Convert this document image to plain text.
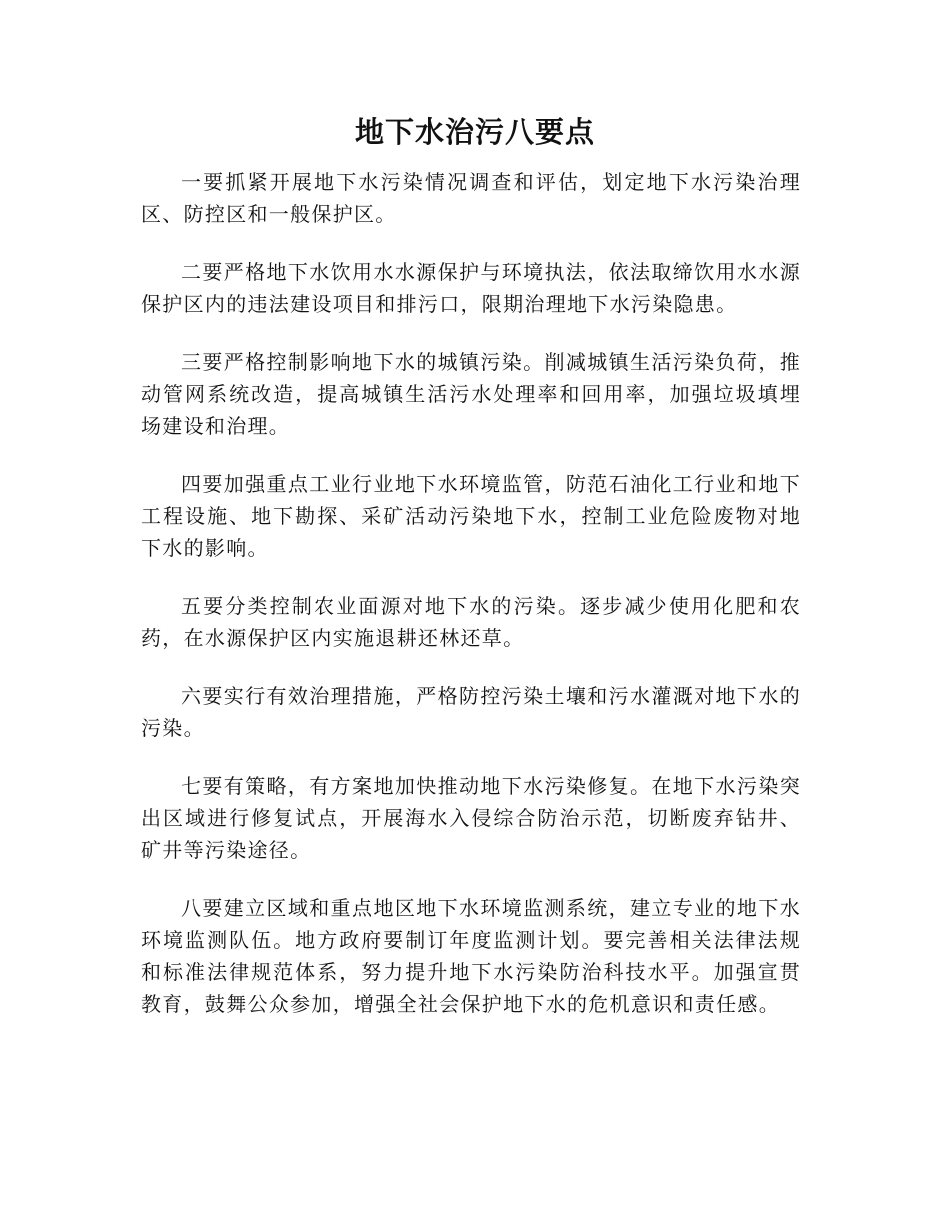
地下水治污八要点

一要抓紧开展地下水污染情况调查和评估，划定地下水污染治理区、防控区和一般保护区。

二要严格地下水饮用水水源保护与环境执法，依法取缔饮用水水源保护区内的违法建设项目和排污口，限期治理地下水污染隐患。

三要严格控制影响地下水的城镇污染。削减城镇生活污染负荷，推动管网系统改造，提高城镇生活污水处理率和回用率，加强垃圾填埋场建设和治理。

四要加强重点工业行业地下水环境监管，防范石油化工行业和地下工程设施、地下勘探、采矿活动污染地下水，控制工业危险废物对地下水的影响。

五要分类控制农业面源对地下水的污染。逐步减少使用化肥和农药，在水源保护区内实施退耕还林还草。

六要实行有效治理措施，严格防控污染土壤和污水灌溉对地下水的污染。

七要有策略，有方案地加快推动地下水污染修复。在地下水污染突出区域进行修复试点，开展海水入侵综合防治示范，切断废弃钻井、矿井等污染途径。

八要建立区域和重点地区地下水环境监测系统，建立专业的地下水环境监测队伍。地方政府要制订年度监测计划。要完善相关法律法规和标准法律规范体系，努力提升地下水污染防治科技水平。加强宣贯教育，鼓舞公众参加，增强全社会保护地下水的危机意识和责任感。
